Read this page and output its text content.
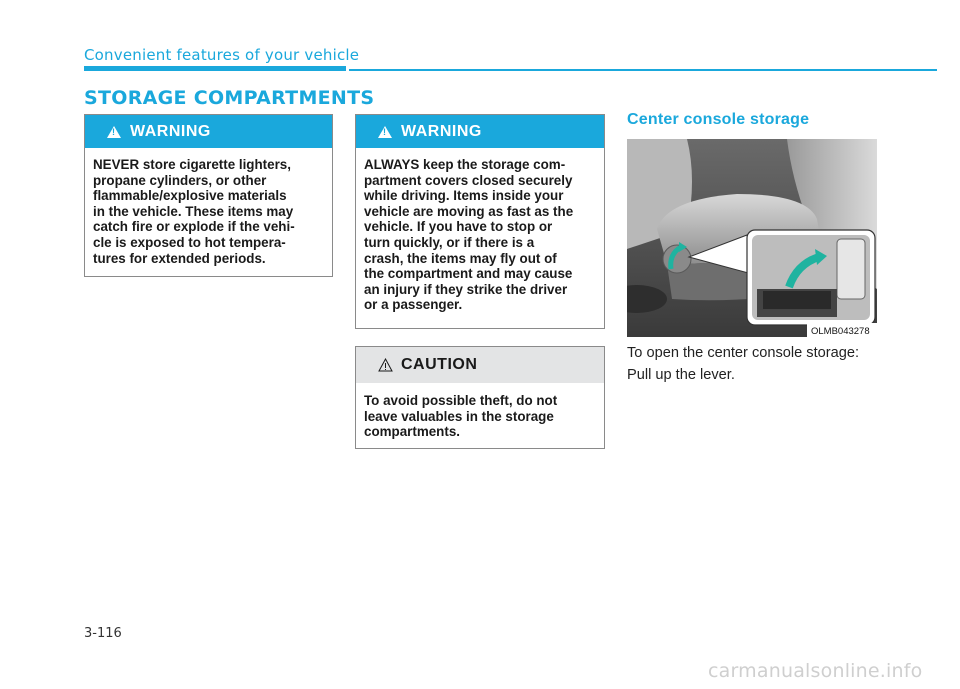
Convenient features of your vehicle
STORAGE COMPARTMENTS
!
WARNING
NEVER store cigarette lighters,
propane cylinders, or other
flammable/explosive materials
in the vehicle. These items may
catch fire or explode if the vehi-
cle is exposed to hot tempera-
tures for extended periods.
!
WARNING
ALWAYS keep the storage com-
partment covers closed securely
while driving. Items inside your
vehicle are moving as fast as the
vehicle. If you have to stop or
turn quickly, or if there is a
crash, the items may fly out of
the compartment and may cause
an injury if they strike the driver
or a passenger.
CAUTION
To avoid possible theft, do not
leave valuables in the storage
compartments.
Center console storage
OLMB043278
To open the center console storage:
Pull up the lever.
3-116
carmanualsonline.info
